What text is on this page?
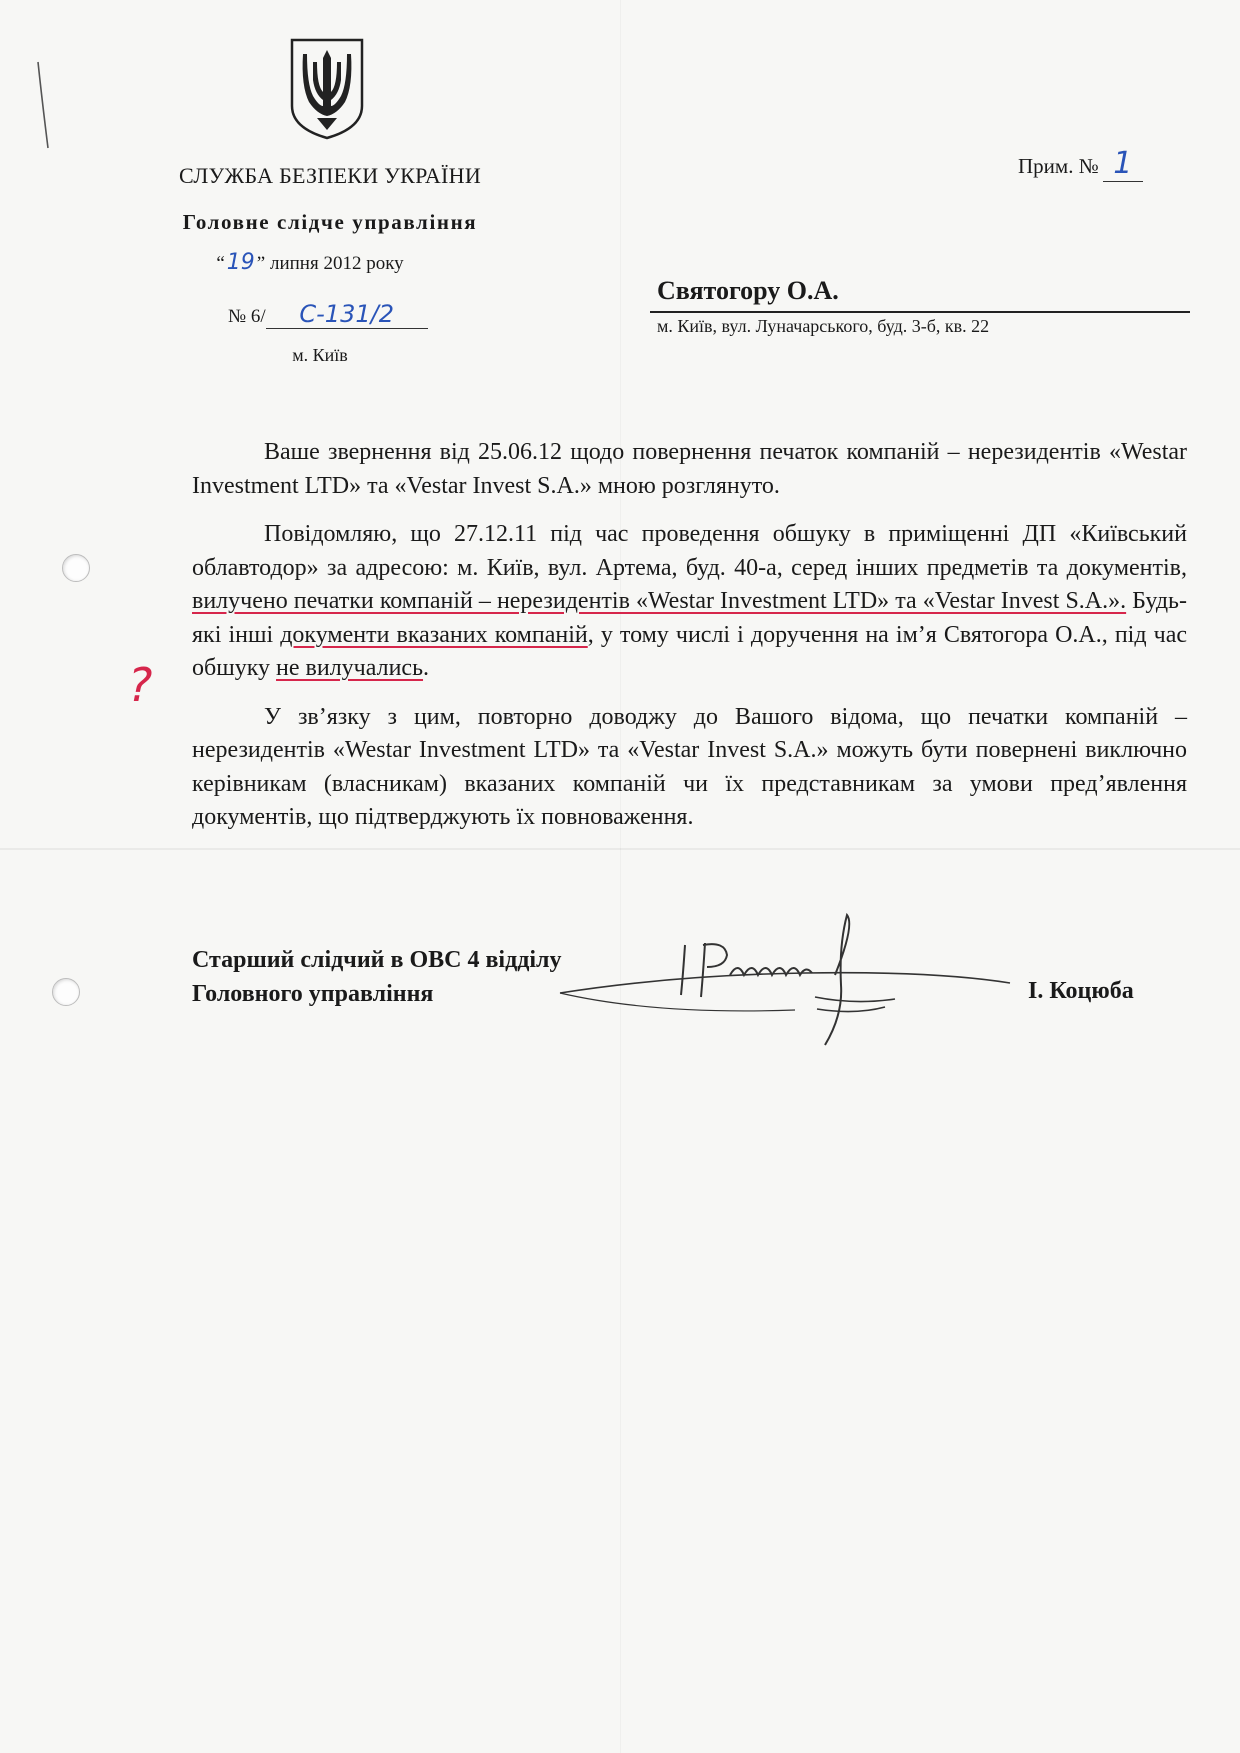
СЛУЖБА БЕЗПЕКИ УКРАЇНИ
Головне слідче управління
“19 ” липня 2012 року
№ 6/ С-131/2
м. Київ
Прим. № 1
Святогору О.А.
м. Київ, вул. Луначарського, буд. 3-б, кв. 22

Ваше звернення від 25.06.12 щодо повернення печаток компаній – нерезидентів «Westar Investment LTD» та «Vestar Invest S.A.» мною розглянуто.

Повідомляю, що 27.12.11 під час проведення обшуку в приміщенні ДП «Київський облавтодор» за адресою: м. Київ, вул. Артема, буд. 40-а, серед інших предметів та документів, вилучено печатки компаній – нерезидентів «Westar Investment LTD» та «Vestar Invest S.A.». Будь-які інші документи вказаних компаній, у тому числі і доручення на ім’я Святогора О.А., під час обшуку не вилучались.

У зв’язку з цим, повторно доводжу до Вашого відома, що печатки компаній – нерезидентів «Westar Investment LTD» та «Vestar Invest S.A.» можуть бути повернені виключно керівникам (власникам) вказаних компаній чи їх представникам за умови пред’явлення документів, що підтверджують їх повноваження.

?
Старший слідчий в ОВС 4 відділу
Головного управління	І. Коцюба
